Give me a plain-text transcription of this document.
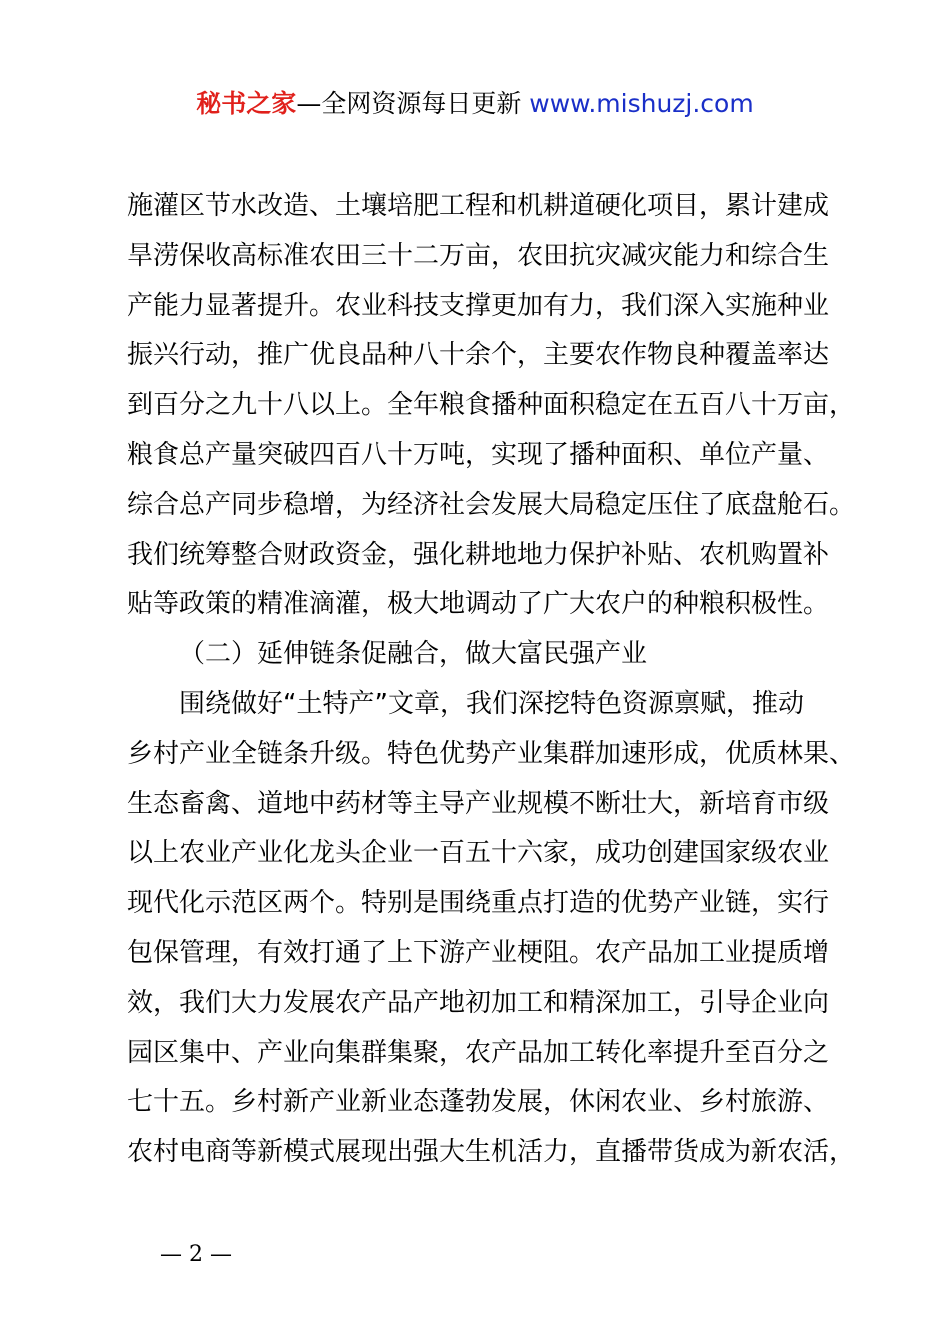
秘书之家—全网资源每日更新 www.mishuzj.com
施灌区节水改造、土壤培肥工程和机耕道硬化项目，累计建成
旱涝保收高标准农田三十二万亩，农田抗灾减灾能力和综合生
产能力显著提升。农业科技支撑更加有力，我们深入实施种业
振兴行动，推广优良品种八十余个，主要农作物良种覆盖率达
到百分之九十八以上。全年粮食播种面积稳定在五百八十万亩，
粮食总产量突破四百八十万吨，实现了播种面积、单位产量、
综合总产同步稳增，为经济社会发展大局稳定压住了底盘舱石。
我们统筹整合财政资金，强化耕地地力保护补贴、农机购置补
贴等政策的精准滴灌，极大地调动了广大农户的种粮积极性。
（二）延伸链条促融合，做大富民强产业
围绕做好“土特产”文章，我们深挖特色资源禀赋，推动
乡村产业全链条升级。特色优势产业集群加速形成，优质林果、
生态畜禽、道地中药材等主导产业规模不断壮大，新培育市级
以上农业产业化龙头企业一百五十六家，成功创建国家级农业
现代化示范区两个。特别是围绕重点打造的优势产业链，实行
包保管理，有效打通了上下游产业梗阻。农产品加工业提质增
效，我们大力发展农产品产地初加工和精深加工，引导企业向
园区集中、产业向集群集聚，农产品加工转化率提升至百分之
七十五。乡村新产业新业态蓬勃发展，休闲农业、乡村旅游、
农村电商等新模式展现出强大生机活力，直播带货成为新农活，
— 2 —
